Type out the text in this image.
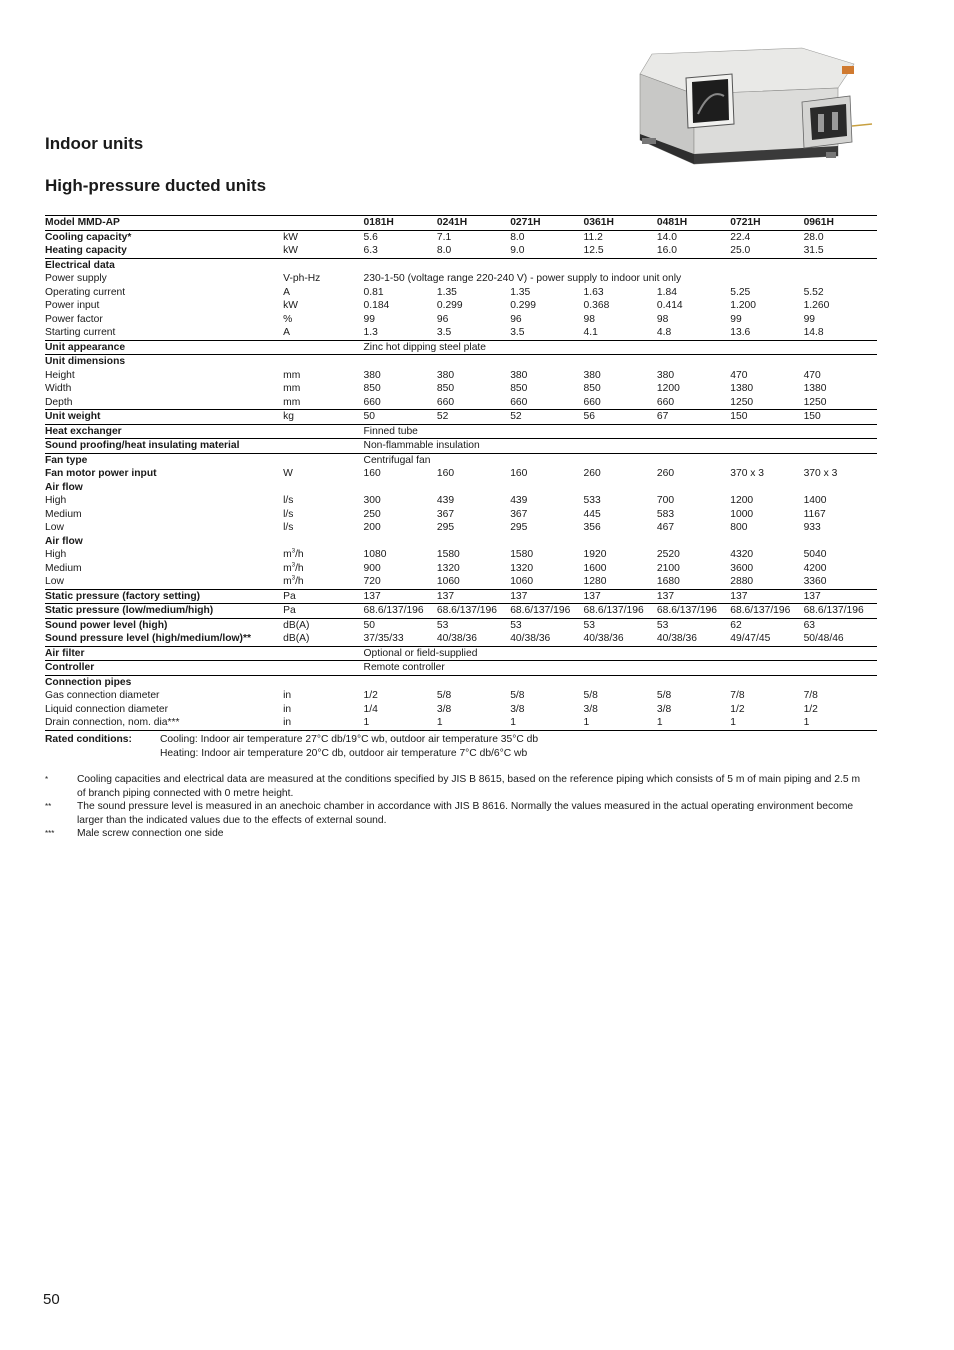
Indoor units
High-pressure ducted units
Model MMD-AP		0181H	0241H	0271H	0361H	0481H	0721H	0961H
Cooling capacity*	kW	5.6	7.1	8.0	11.2	14.0	22.4	28.0
Heating capacity	kW	6.3	8.0	9.0	12.5	16.0	25.0	31.5
Electrical data								
Power supply	V-ph-Hz	230-1-50 (voltage range 220-240 V) - power supply to indoor unit only						
Operating current	A	0.81	1.35	1.35	1.63	1.84	5.25	5.52
Power input	kW	0.184	0.299	0.299	0.368	0.414	1.200	1.260
Power factor	%	99	96	96	98	98	99	99
Starting current	A	1.3	3.5	3.5	4.1	4.8	13.6	14.8
Unit appearance		Zinc hot dipping steel plate						
Unit dimensions								
Height	mm	380	380	380	380	380	470	470
Width	mm	850	850	850	850	1200	1380	1380
Depth	mm	660	660	660	660	660	1250	1250
Unit weight	kg	50	52	52	56	67	150	150
Heat exchanger		Finned tube						
Sound proofing/heat insulating material		Non-flammable insulation						
Fan type		Centrifugal fan						
Fan motor power input	W	160	160	160	260	260	370 x 3	370 x 3
Air flow								
High	l/s	300	439	439	533	700	1200	1400
Medium	l/s	250	367	367	445	583	1000	1167
Low	l/s	200	295	295	356	467	800	933
Air flow								
High	$m^3/h$	1080	1580	1580	1920	2520	4320	5040
Medium	$m^3/h$	900	1320	1320	1600	2100	3600	4200
Low	$m^3/h$	720	1060	1060	1280	1680	2880	3360
Static pressure (factory setting)	Pa	137	137	137	137	137	137	137
Static pressure (low/medium/high)	Pa	68.6/137/196	68.6/137/196	68.6/137/196	68.6/137/196	68.6/137/196	68.6/137/196	68.6/137/196
Sound power level (high)	dB(A)	50	53	53	53	53	62	63
Sound pressure level (high/medium/low)**	dB(A)	37/35/33	40/38/36	40/38/36	40/38/36	40/38/36	49/47/45	50/48/46
Air filter		Optional or field-supplied						
Controller		Remote controller						
Connection pipes								
Gas connection diameter	in	1/2	5/8	5/8	5/8	5/8	7/8	7/8
Liquid connection diameter	in	1/4	3/8	3/8	3/8	3/8	1/2	1/2
Drain connection, nom. dia***	in	1	1	1	1	1	1	1
Rated conditions:	Cooling: Indoor air temperature 27°C db/19°C wb, outdoor air temperature 35°C db
Heating: Indoor air temperature 20°C db, outdoor air temperature 7°C db/6°C wb
*	Cooling capacities and electrical data are measured at the conditions specified by JIS B 8615, based on the reference piping which consists of 5 m of main piping and 2.5 m of branch piping connected with 0 metre height.
**	The sound pressure level is measured in an anechoic chamber in accordance with JIS B 8616. Normally the values measured in the actual operating environment become larger than the indicated values due to the effects of external sound.
*** Male screw connection one side
50
